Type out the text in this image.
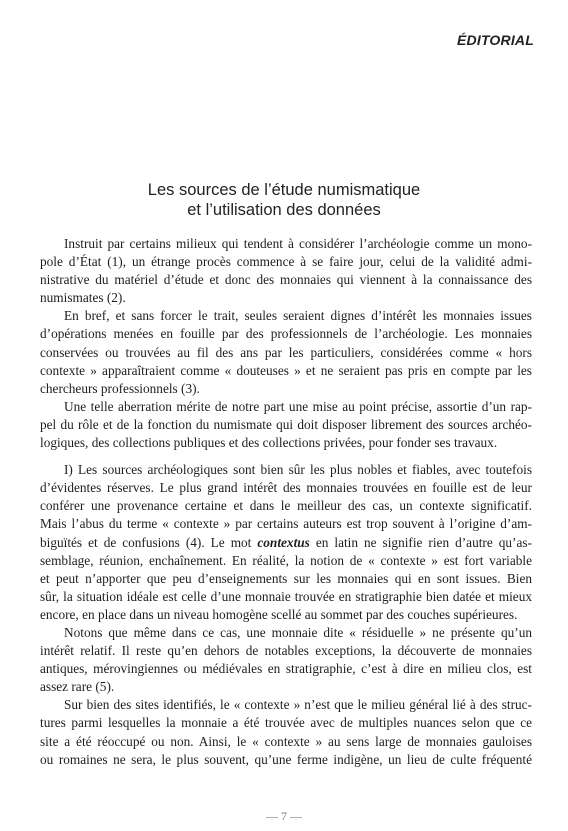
ÉDITORIAL
Les sources de l’étude numismatique
et l’utilisation des données
Instruit par certains milieux qui tendent à considérer l’archéologie comme un mono-
pole d’État (1), un étrange procès commence à se faire jour, celui de la validité admi-
nistrative du matériel d’étude et donc des monnaies qui viennent à la connaissance des
numismates (2).
En bref, et sans forcer le trait, seules seraient dignes d’intérêt les monnaies issues
d’opérations menées en fouille par des professionnels de l’archéologie. Les monnaies
conservées ou trouvées au fil des ans par les particuliers, considérées comme « hors
contexte » apparaîtraient comme « douteuses » et ne seraient pas pris en compte par les
chercheurs professionnels (3).
Une telle aberration mérite de notre part une mise au point précise, assortie d’un rap-
pel du rôle et de la fonction du numismate qui doit disposer librement des sources archéo-
logiques, des collections publiques et des collections privées, pour fonder ses travaux.
I) Les sources archéologiques sont bien sûr les plus nobles et fiables, avec toutefois
d’évidentes réserves. Le plus grand intérêt des monnaies trouvées en fouille est de leur
conférer une provenance certaine et dans le meilleur des cas, un contexte significatif.
Mais l’abus du terme « contexte » par certains auteurs est trop souvent à l’origine d’am-
biguïtés et de confusions (4). Le mot contextus en latin ne signifie rien d’autre qu’as-
semblage, réunion, enchaînement. En réalité, la notion de « contexte » est fort variable
et peut n’apporter que peu d’enseignements sur les monnaies qui en sont issues. Bien
sûr, la situation idéale est celle d’une monnaie trouvée en stratigraphie bien datée et mieux
encore, en place dans un niveau homogène scellé au sommet par des couches supérieures.
Notons que même dans ce cas, une monnaie dite « résiduelle » ne présente qu’un
intérêt relatif. Il reste qu’en dehors de notables exceptions, la découverte de monnaies
antiques, mérovingiennes ou médiévales en stratigraphie, c’est à dire en milieu clos, est
assez rare (5).
Sur bien des sites identifiés, le « contexte » n’est que le milieu général lié à des struc-
tures parmi lesquelles la monnaie a été trouvée avec de multiples nuances selon que ce
site a été réoccupé ou non. Ainsi, le « contexte » au sens large de monnaies gauloises
ou romaines ne sera, le plus souvent, qu’une ferme indigène, un lieu de culte fréquenté
— 7 —
